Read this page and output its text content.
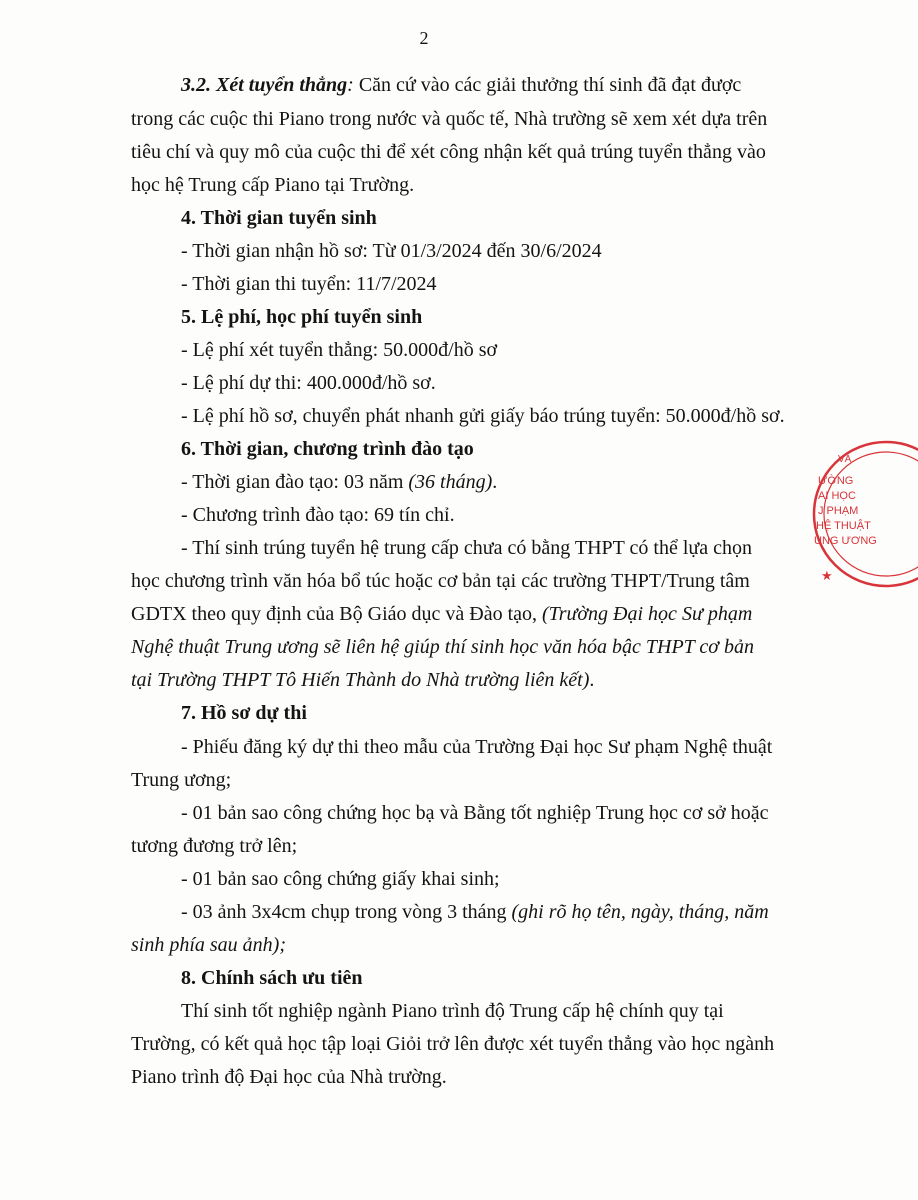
2
3.2. Xét tuyển thẳng: Căn cứ vào các giải thưởng thí sinh đã đạt được
trong các cuộc thi Piano trong nước và quốc tế, Nhà trường sẽ xem xét dựa trên
tiêu chí và quy mô của cuộc thi để xét công nhận kết quả trúng tuyển thẳng vào
học hệ Trung cấp Piano tại Trường.
4. Thời gian tuyển sinh
- Thời gian nhận hồ sơ: Từ 01/3/2024 đến 30/6/2024
- Thời gian thi tuyển: 11/7/2024
5. Lệ phí, học phí tuyển sinh
- Lệ phí xét tuyển thẳng: 50.000đ/hồ sơ
- Lệ phí dự thi: 400.000đ/hồ sơ.
- Lệ phí hồ sơ, chuyển phát nhanh gửi giấy báo trúng tuyển: 50.000đ/hồ sơ.
6. Thời gian, chương trình đào tạo
- Thời gian đào tạo: 03 năm (36 tháng).
- Chương trình đào tạo: 69 tín chỉ.
- Thí sinh trúng tuyển hệ trung cấp chưa có bằng THPT có thể lựa chọn
học chương trình văn hóa bổ túc hoặc cơ bản tại các trường THPT/Trung tâm
GDTX theo quy định của Bộ Giáo dục và Đào tạo, (Trường Đại học Sư phạm
Nghệ thuật Trung ương sẽ liên hệ giúp thí sinh học văn hóa bậc THPT cơ bản
tại Trường THPT Tô Hiến Thành do Nhà trường liên kết).
7. Hồ sơ dự thi
- Phiếu đăng ký dự thi theo mẫu của Trường Đại học Sư phạm Nghệ thuật
Trung ương;
- 01 bản sao công chứng học bạ và Bằng tốt nghiệp Trung học cơ sở hoặc
tương đương trở lên;
- 01 bản sao công chứng giấy khai sinh;
- 03 ảnh 3x4cm chụp trong vòng 3 tháng (ghi rõ họ tên, ngày, tháng, năm
sinh phía sau ảnh);
8. Chính sách ưu tiên
Thí sinh tốt nghiệp ngành Piano trình độ Trung cấp hệ chính quy tại
Trường, có kết quả học tập loại Giỏi trở lên được xét tuyển thẳng vào học ngành
Piano trình độ Đại học của Nhà trường.
VÀ
ƯỜNG
AI HỌC
J PHẠM
HỆ THUẬT
UNG ƯƠNG
★
